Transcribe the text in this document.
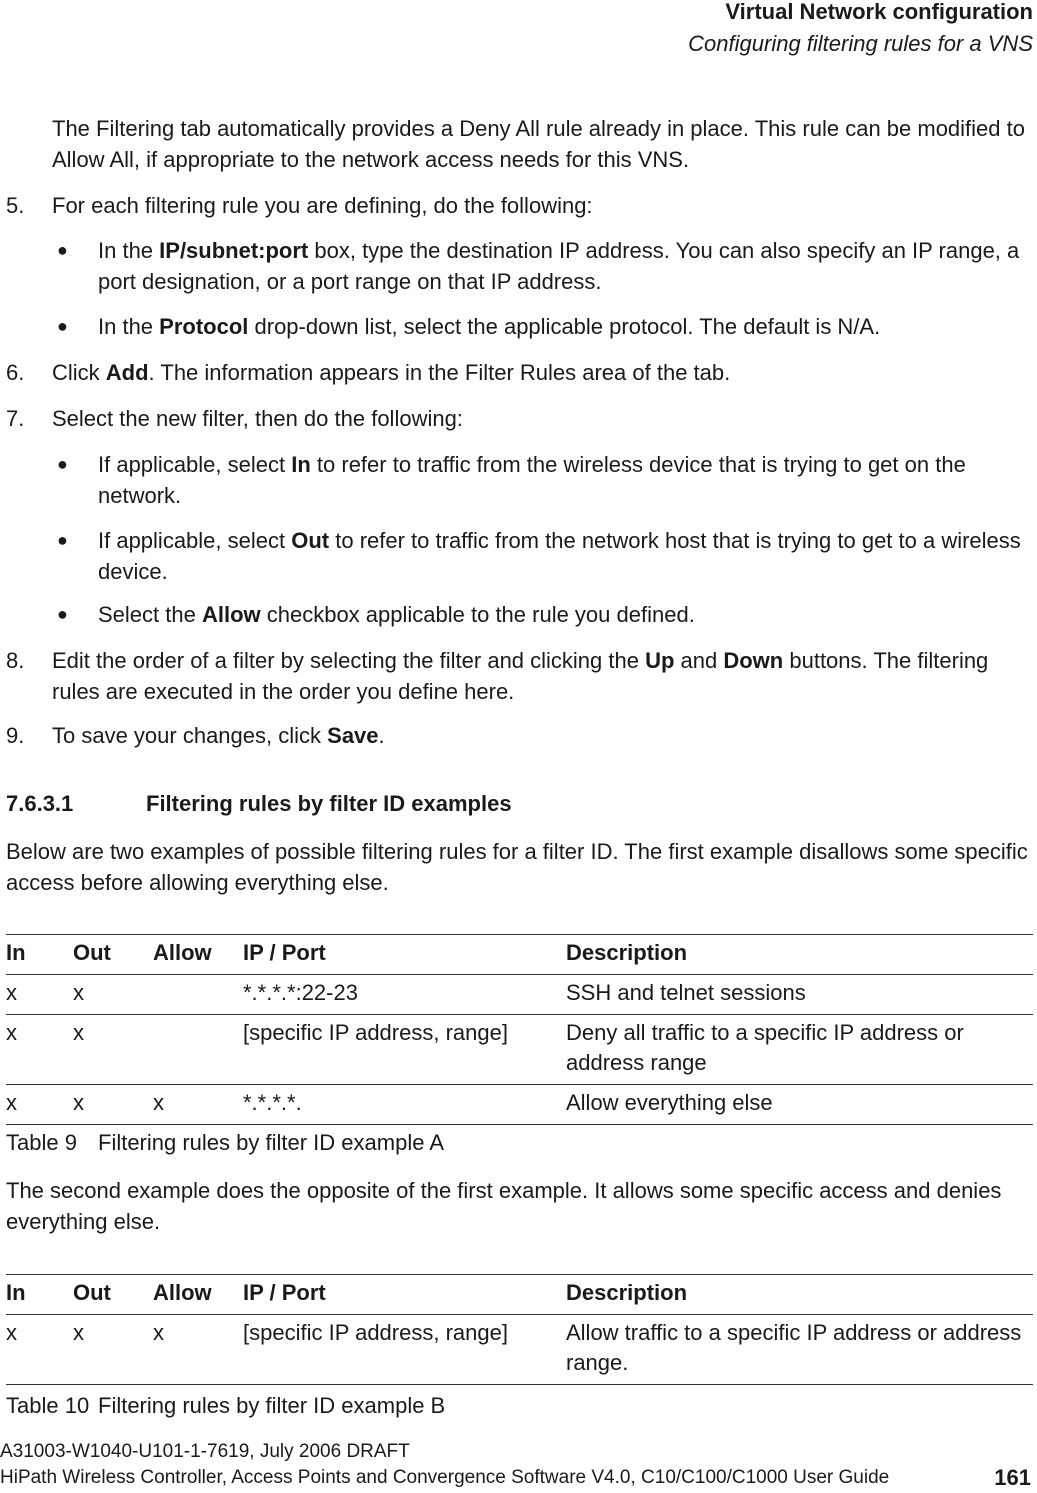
Virtual Network configuration
Configuring filtering rules for a VNS

The Filtering tab automatically provides a Deny All rule already in place. This rule can be modified to Allow All, if appropriate to the network access needs for this VNS.

5. For each filtering rule you are defining, do the following:
● In the IP/subnet:port box, type the destination IP address. You can also specify an IP range, a port designation, or a port range on that IP address.
● In the Protocol drop-down list, select the applicable protocol. The default is N/A.
6. Click Add. The information appears in the Filter Rules area of the tab.
7. Select the new filter, then do the following:
● If applicable, select In to refer to traffic from the wireless device that is trying to get on the network.
● If applicable, select Out to refer to traffic from the network host that is trying to get to a wireless device.
● Select the Allow checkbox applicable to the rule you defined.
8. Edit the order of a filter by selecting the filter and clicking the Up and Down buttons. The filtering rules are executed in the order you define here.
9. To save your changes, click Save.
7.6.3.1	Filtering rules by filter ID examples

Below are two examples of possible filtering rules for a filter ID. The first example disallows some specific access before allowing everything else.

In	Out	Allow	IP / Port	Description
x	x		*.*.*.*:22-23	SSH and telnet sessions
x	x		[specific IP address, range]	Deny all traffic to a specific IP address or address range
x	x	x	*.*.*.*.	Allow everything else
Table 9 Filtering rules by filter ID example A

The second example does the opposite of the first example. It allows some specific access and denies everything else.

In	Out	Allow	IP / Port	Description
x	x	x	[specific IP address, range]	Allow traffic to a specific IP address or address range.
Table 10 Filtering rules by filter ID example B
A31003-W1040-U101-1-7619, July 2006 DRAFT
HiPath Wireless Controller, Access Points and Convergence Software V4.0, C10/C100/C1000 User Guide	161
